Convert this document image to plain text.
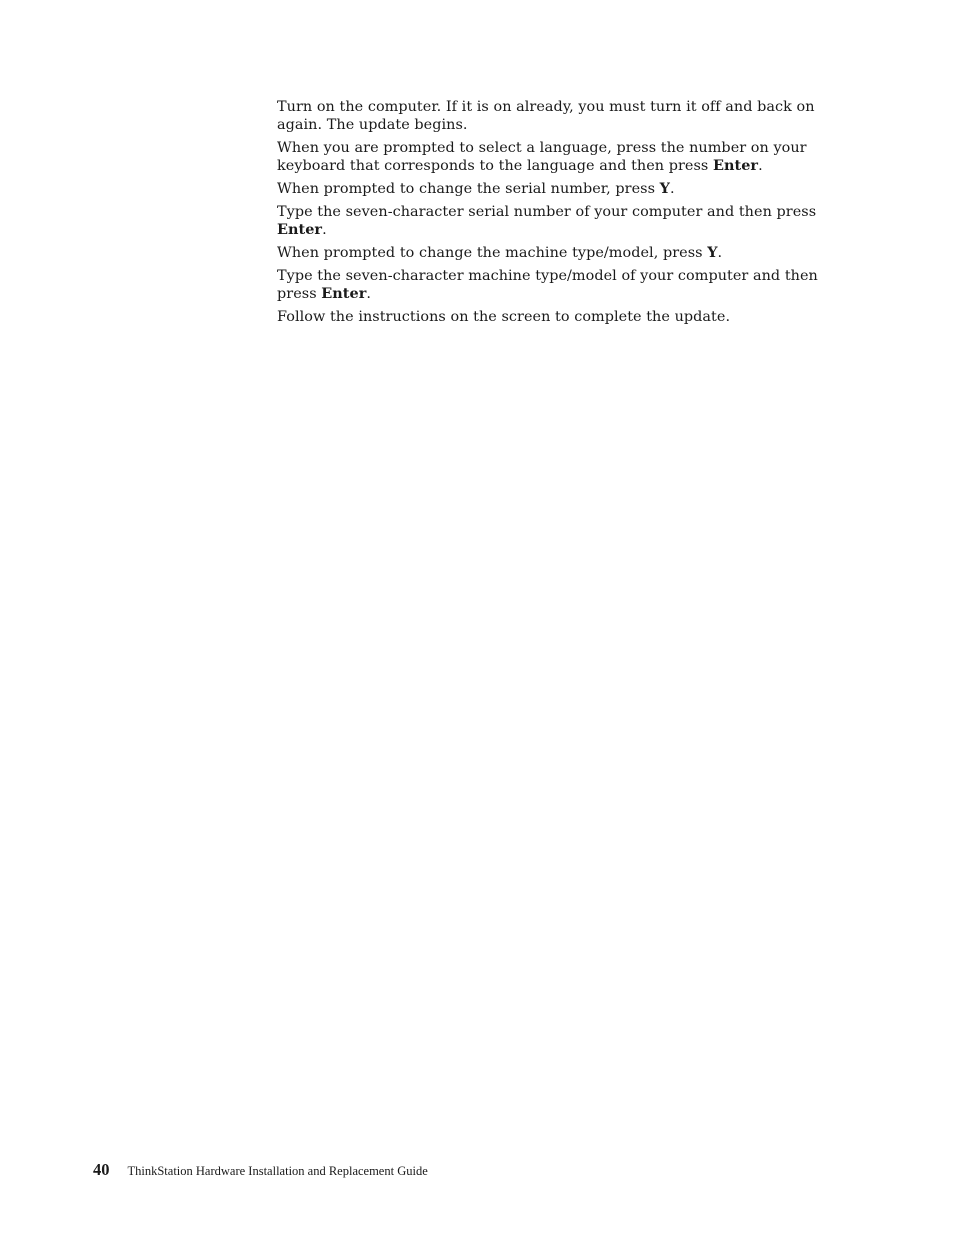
Turn on the computer. If it is on already, you must turn it off and back on again. The update begins.

When you are prompted to select a language, press the number on your keyboard that corresponds to the language and then press Enter.

When prompted to change the serial number, press Y.

Type the seven-character serial number of your computer and then press Enter.

When prompted to change the machine type/model, press Y.

Type the seven-character machine type/model of your computer and then press Enter.

Follow the instructions on the screen to complete the update.

40 ThinkStation Hardware Installation and Replacement Guide
